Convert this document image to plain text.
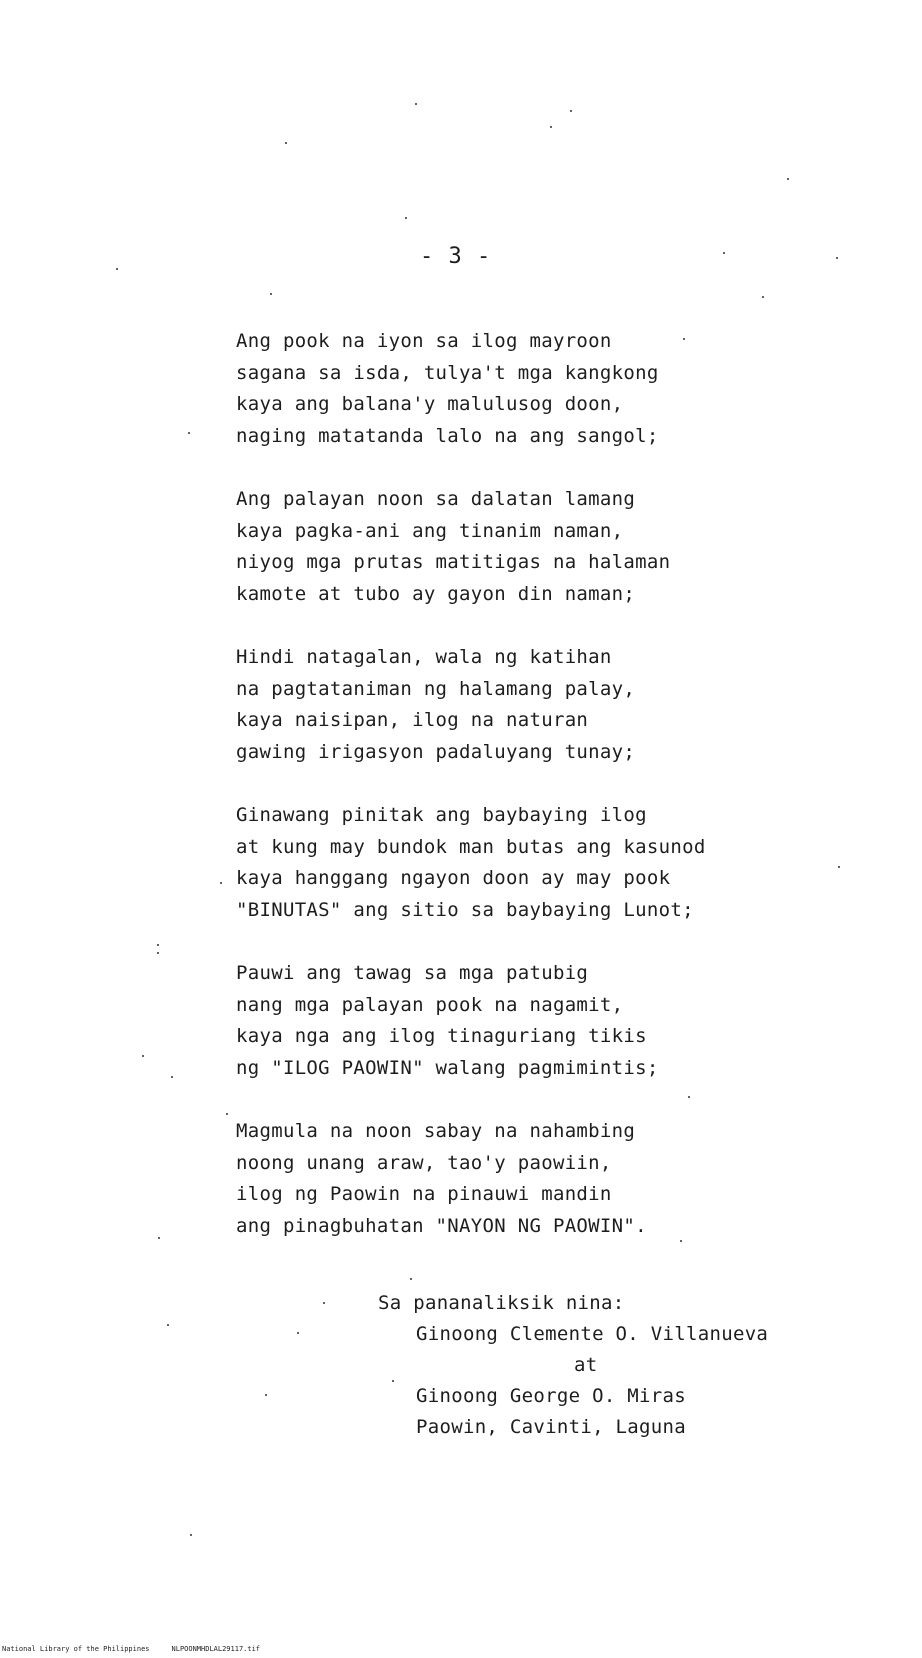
- 3 -
Ang pook na iyon sa ilog mayroon
sagana sa isda, tulya't mga kangkong
kaya ang balana'y malulusog doon,
naging matatanda lalo na ang sangol;
Ang palayan noon sa dalatan lamang
kaya pagka-ani ang tinanim naman,
niyog mga prutas matitigas na halaman
kamote at tubo ay gayon din naman;
Hindi natagalan, wala ng katihan
na pagtataniman ng halamang palay,
kaya naisipan, ilog na naturan
gawing irigasyon padaluyang tunay;
Ginawang pinitak ang baybaying ilog
at kung may bundok man butas ang kasunod
kaya hanggang ngayon doon ay may pook
"BINUTAS" ang sitio sa baybaying Lunot;
Pauwi ang tawag sa mga patubig
nang mga palayan pook na nagamit,
kaya nga ang ilog tinaguriang tikis
ng "ILOG PAOWIN" walang pagmimintis;
Magmula na noon sabay na nahambing
noong unang araw, tao'y paowiin,
ilog ng Paowin na pinauwi mandin
ang pinagbuhatan "NAYON NG PAOWIN".
Sa pananaliksik nina:
Ginoong Clemente O. Villanueva
at
Ginoong George O. Miras
Paowin, Cavinti, Laguna
National Library of the Philippines	NLPOONMHDLAL29117.tif
